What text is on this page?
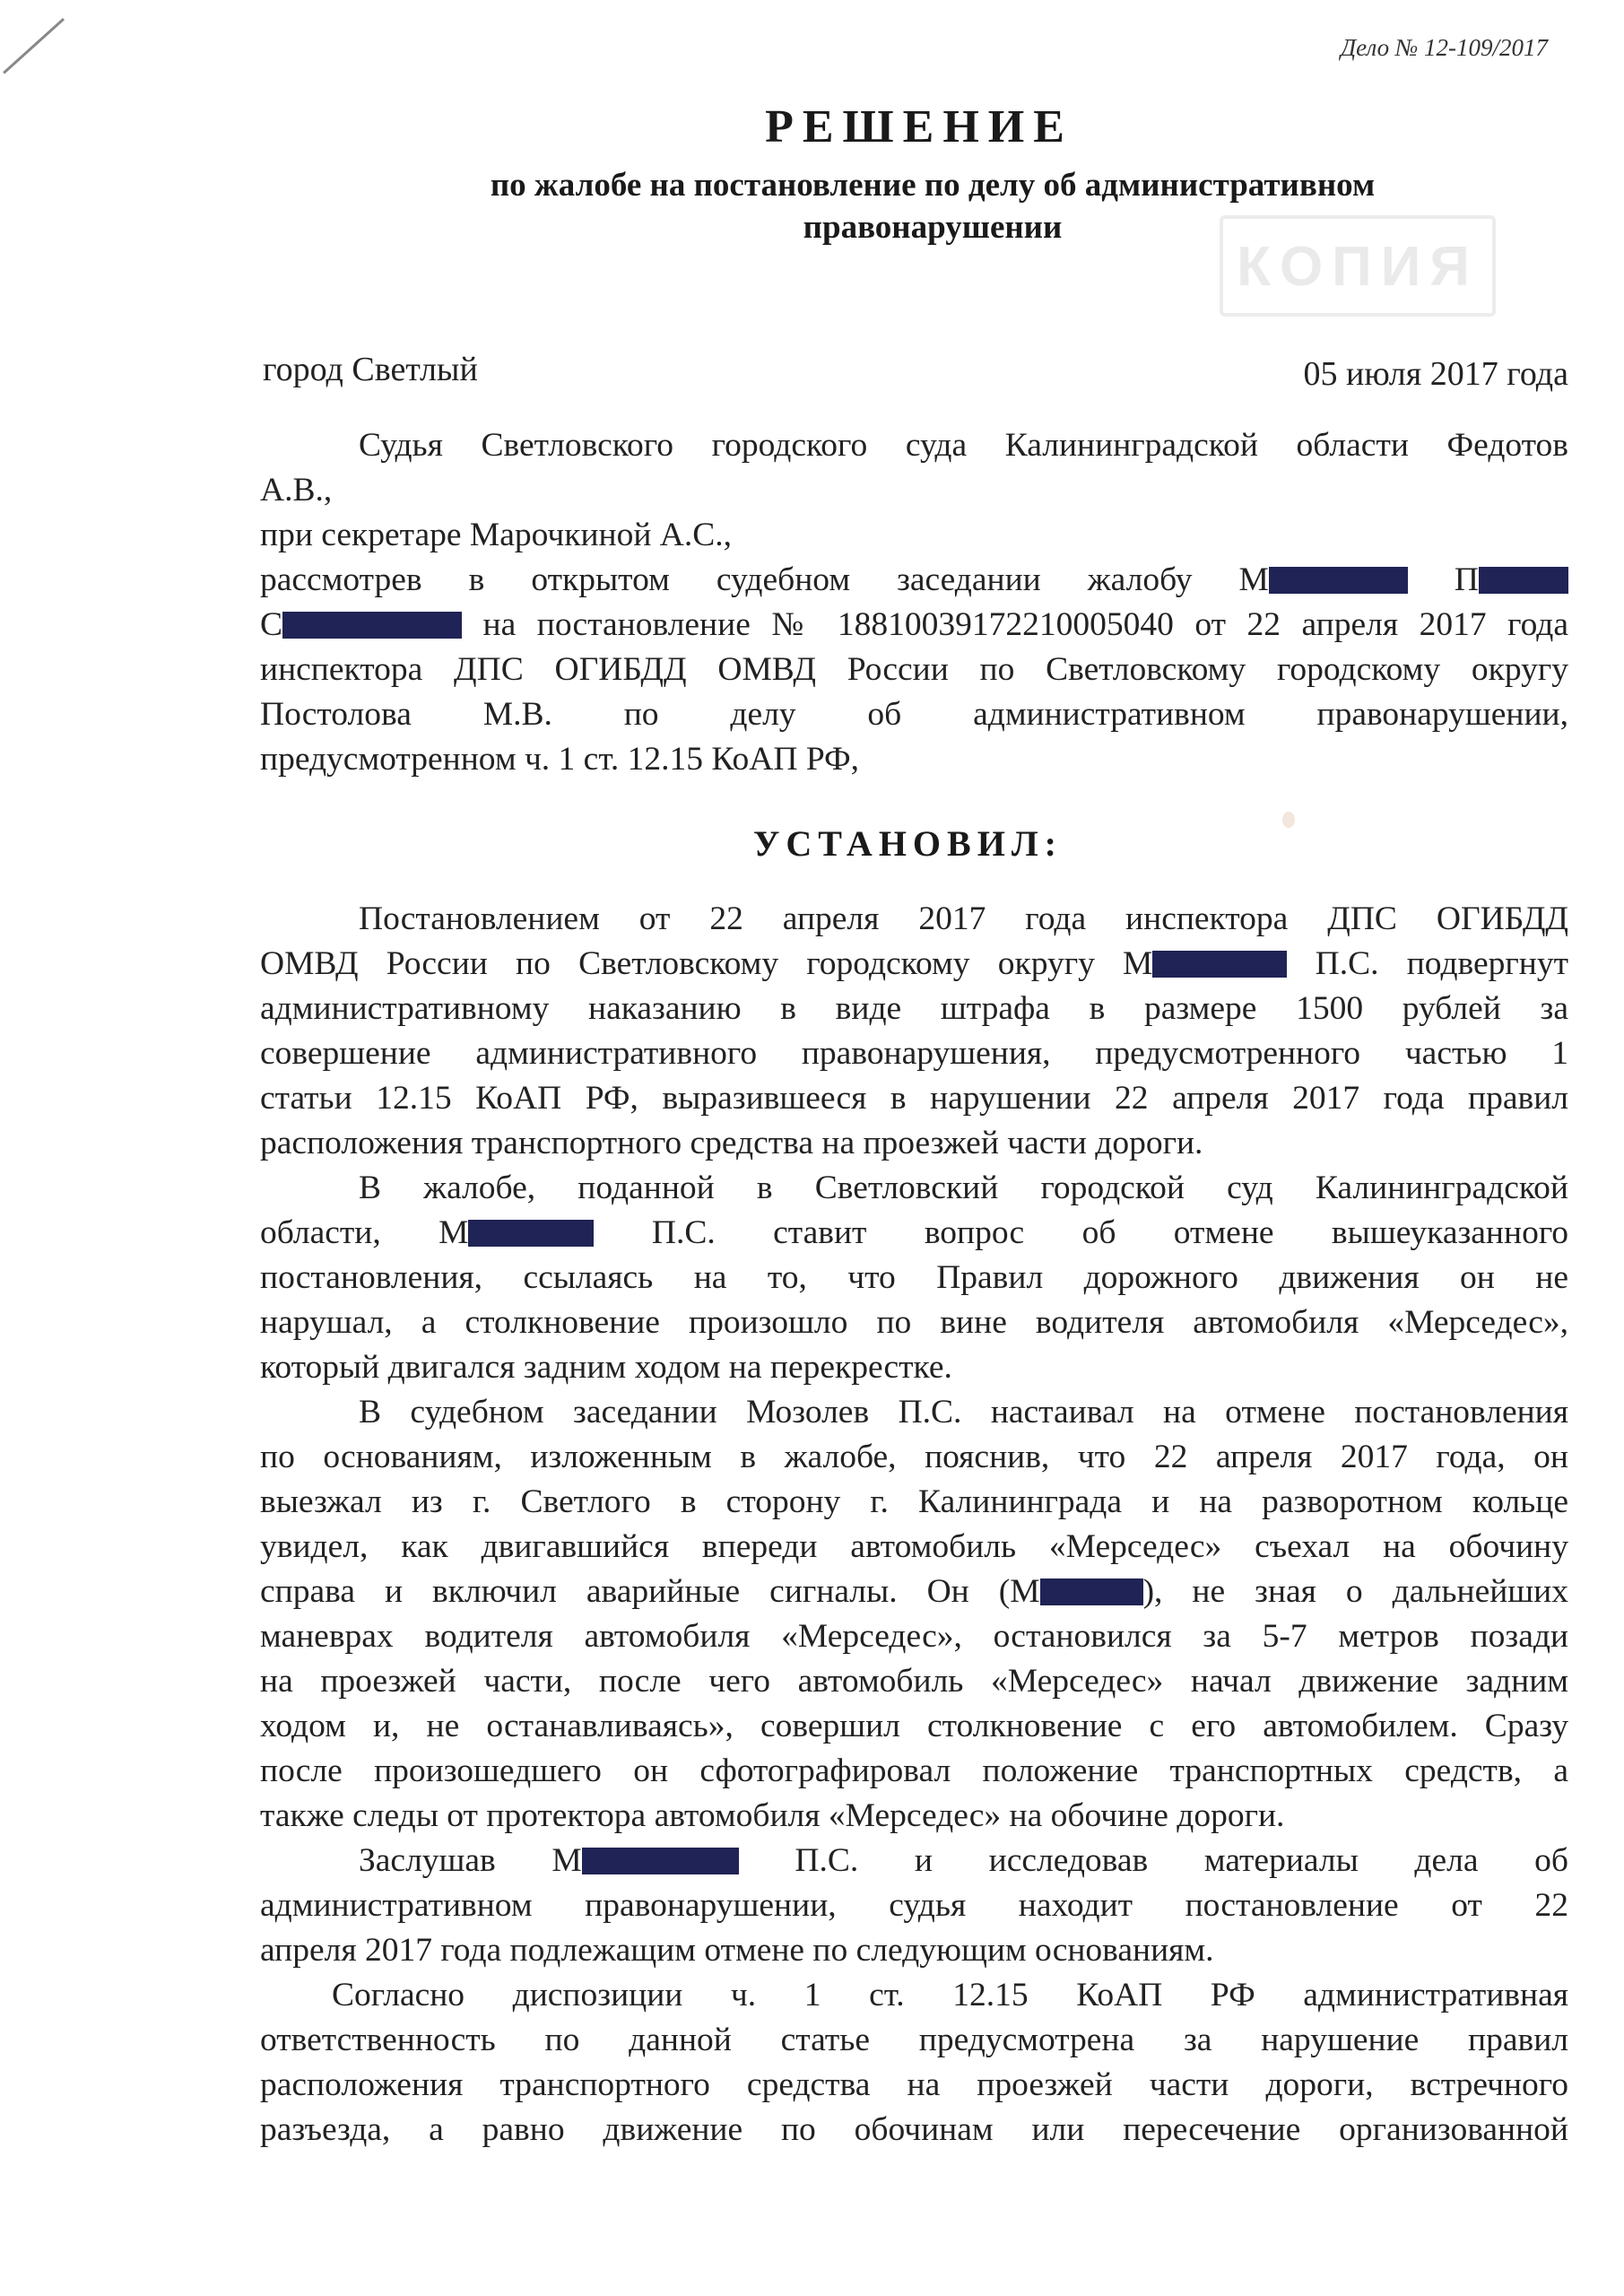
Дело № 12-109/2017
РЕШЕНИЕ
по жалобе на постановление по делу об административном
правонарушении
КОПИЯ
город Светлый	05 июля 2017 года
Судья Светловского городского суда Калининградской области Федотов
А.В.,
при секретаре Марочкиной А.С.,
рассмотрев в открытом судебном заседании жалобу М	П
С	на постановление № 18810039172210005040 от 22 апреля 2017 года
инспектора ДПС ОГИБДД ОМВД России по Светловскому городскому округу
Постолова М.В. по делу об административном правонарушении,
предусмотренном ч. 1 ст. 12.15 КоАП РФ,
УСТАНОВИЛ:
Постановлением от 22 апреля 2017 года инспектора ДПС ОГИБДД
ОМВД России по Светловскому городскому округу М	П.С. подвергнут
административному наказанию в виде штрафа в размере 1500 рублей за
совершение административного правонарушения, предусмотренного частью 1
статьи 12.15 КоАП РФ, выразившееся в нарушении 22 апреля 2017 года правил
расположения транспортного средства на проезжей части дороги.
В жалобе, поданной в Светловский городской суд Калининградской
области, М	П.С. ставит вопрос об отмене вышеуказанного
постановления, ссылаясь на то, что Правил дорожного движения он не
нарушал, а столкновение произошло по вине водителя автомобиля «Мерседес»,
который двигался задним ходом на перекрестке.
В судебном заседании Мозолев П.С. настаивал на отмене постановления
по основаниям, изложенным в жалобе, пояснив, что 22 апреля 2017 года, он
выезжал из г. Светлого в сторону г. Калининграда и на разворотном кольце
увидел, как двигавшийся впереди автомобиль «Мерседес» съехал на обочину
справа и включил аварийные сигналы. Он (М	), не зная о дальнейших
маневрах водителя автомобиля «Мерседес», остановился за 5-7 метров позади
на проезжей части, после чего автомобиль «Мерседес» начал движение задним
ходом и, не останавливаясь», совершил столкновение с его автомобилем. Сразу
после произошедшего он сфотографировал положение транспортных средств, а
также следы от протектора автомобиля «Мерседес» на обочине дороги.
Заслушав М	П.С. и исследовав материалы дела об
административном правонарушении, судья находит постановление от 22
апреля 2017 года подлежащим отмене по следующим основаниям.
Согласно диспозиции ч. 1 ст. 12.15 КоАП РФ административная
ответственность по данной статье предусмотрена за нарушение правил
расположения транспортного средства на проезжей части дороги, встречного
разъезда, а равно движение по обочинам или пересечение организованной
